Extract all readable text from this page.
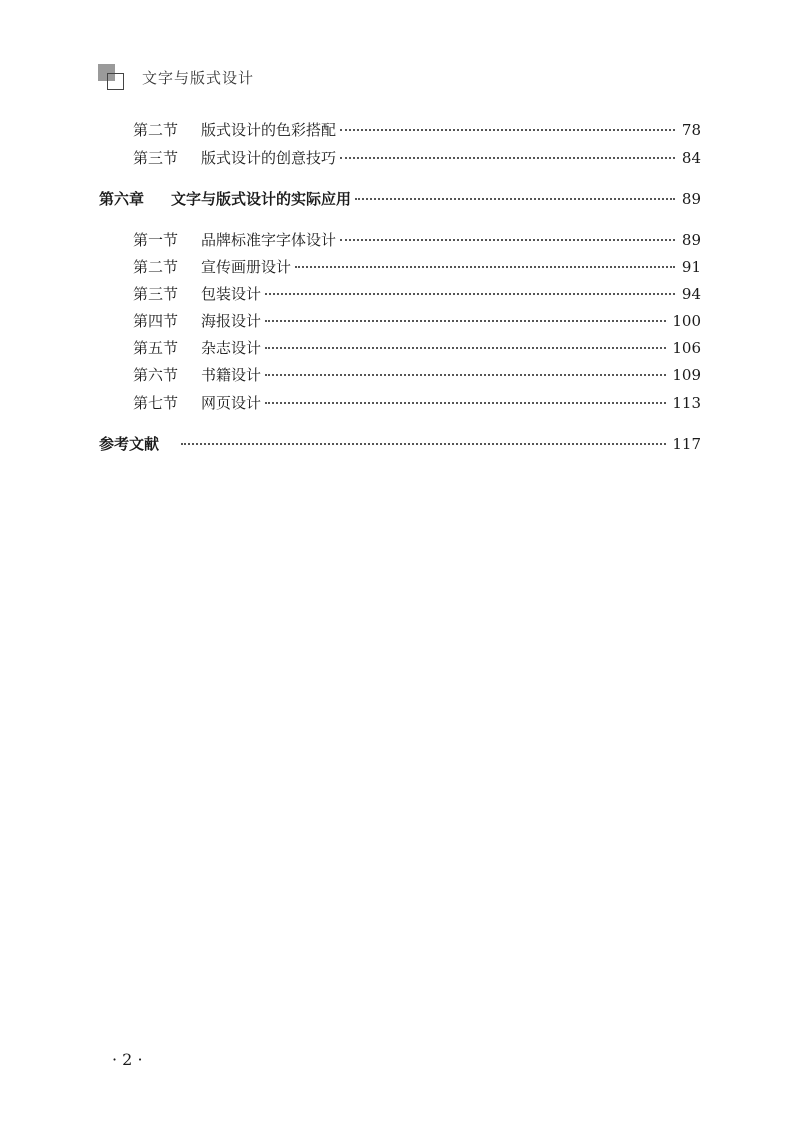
文字与版式设计
第二节	版式设计的色彩搭配	78
第三节	版式设计的创意技巧	84
第六章	文字与版式设计的实际应用	89
第一节	品牌标准字字体设计	89
第二节	宣传画册设计	91
第三节	包装设计	94
第四节	海报设计	100
第五节	杂志设计	106
第六节	书籍设计	109
第七节	网页设计	113
参考文献	117
· 2 ·
